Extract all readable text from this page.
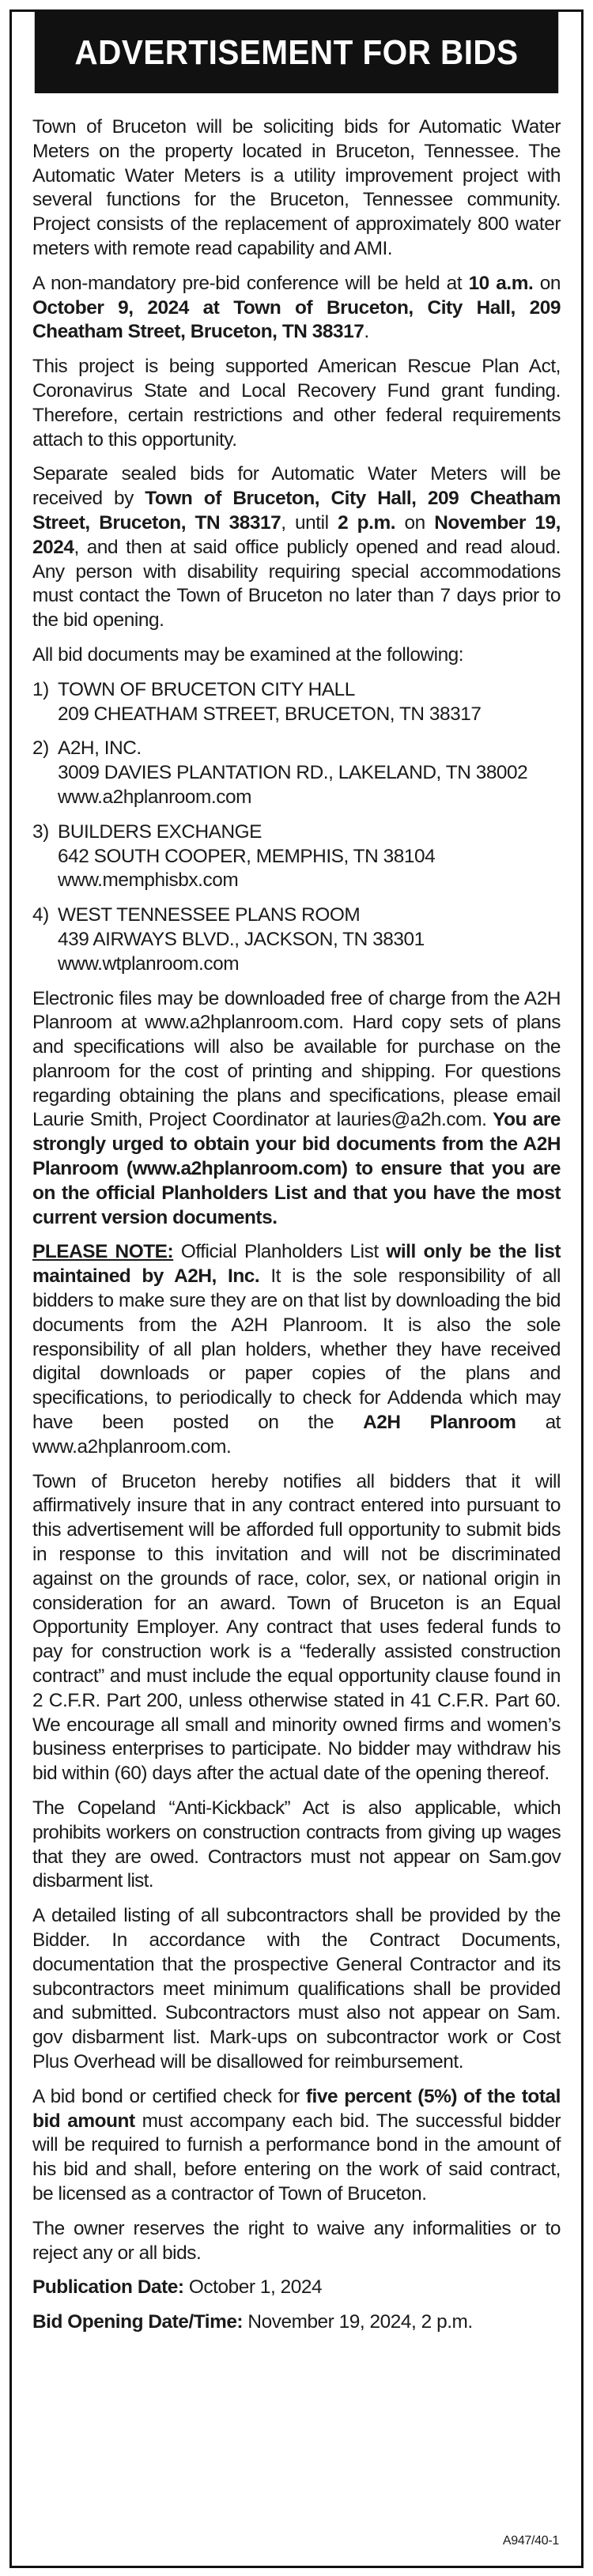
ADVERTISEMENT FOR BIDS

Town of Bruceton will be soliciting bids for Automatic Water Meters on the property located in Bruceton, Tennessee. The Automatic Water Meters is a utility improvement project with several functions for the Bruceton, Tennessee community. Project consists of the replacement of approximately 800 water meters with remote read capability and AMI.

A non-mandatory pre-bid conference will be held at 10 a.m. on October 9, 2024 at Town of Bruceton, City Hall, 209 Cheatham Street, Bruceton, TN 38317.

This project is being supported American Rescue Plan Act, Coronavirus State and Local Recovery Fund grant funding. Therefore, certain restrictions and other federal requirements attach to this opportunity.

Separate sealed bids for Automatic Water Meters will be received by Town of Bruceton, City Hall, 209 Cheatham Street, Bruceton, TN 38317, until 2 p.m. on November 19, 2024, and then at said office publicly opened and read aloud. Any person with disability requiring special accommodations must contact the Town of Bruceton no later than 7 days prior to the bid opening.

All bid documents may be examined at the following:

1) TOWN OF BRUCETON CITY HALL
209 CHEATHAM STREET, BRUCETON, TN 38317
2) A2H, INC.
3009 DAVIES PLANTATION RD., LAKELAND, TN 38002
www.a2hplanroom.com
3) BUILDERS EXCHANGE
642 SOUTH COOPER, MEMPHIS, TN 38104
www.memphisbx.com
4) WEST TENNESSEE PLANS ROOM
439 AIRWAYS BLVD., JACKSON, TN 38301
www.wtplanroom.com

Electronic files may be downloaded free of charge from the A2H Planroom at www.a2hplanroom.com. Hard copy sets of plans and specifications will also be available for purchase on the planroom for the cost of printing and shipping. For questions regarding obtaining the plans and specifications, please email Laurie Smith, Project Coordinator at lauries@a2h.com. You are strongly urged to obtain your bid documents from the A2H Planroom (www.a2hplanroom.com) to ensure that you are on the official Planholders List and that you have the most current version documents.

PLEASE NOTE: Official Planholders List will only be the list maintained by A2H, Inc. It is the sole responsibility of all bidders to make sure they are on that list by downloading the bid documents from the A2H Planroom. It is also the sole responsibility of all plan holders, whether they have received digital downloads or paper copies of the plans and specifications, to periodically to check for Addenda which may have been posted on the A2H Planroom at www.a2hplanroom.com.

Town of Bruceton hereby notifies all bidders that it will affirmatively insure that in any contract entered into pursuant to this advertisement will be afforded full opportunity to submit bids in response to this invitation and will not be discriminated against on the grounds of race, color, sex, or national origin in consideration for an award. Town of Bruceton is an Equal Opportunity Employer. Any contract that uses federal funds to pay for construction work is a “federally assisted construction contract” and must include the equal opportunity clause found in 2 C.F.R. Part 200, unless otherwise stated in 41 C.F.R. Part 60. We encourage all small and minority owned firms and women’s business enterprises to participate. No bidder may withdraw his bid within (60) days after the actual date of the opening thereof.

The Copeland “Anti-Kickback” Act is also applicable, which prohibits workers on construction contracts from giving up wages that they are owed. Contractors must not appear on Sam.gov disbarment list.

A detailed listing of all subcontractors shall be provided by the Bidder. In accordance with the Contract Documents, documentation that the prospective General Contractor and its subcontractors meet minimum qualifications shall be provided and submitted. Subcontractors must also not appear on Sam. gov disbarment list. Mark-ups on subcontractor work or Cost Plus Overhead will be disallowed for reimbursement.

A bid bond or certified check for five percent (5%) of the total bid amount must accompany each bid. The successful bidder will be required to furnish a performance bond in the amount of his bid and shall, before entering on the work of said contract, be licensed as a contractor of Town of Bruceton.

The owner reserves the right to waive any informalities or to reject any or all bids.

Publication Date: October 1, 2024

Bid Opening Date/Time: November 19, 2024, 2 p.m.

A947/40-1
